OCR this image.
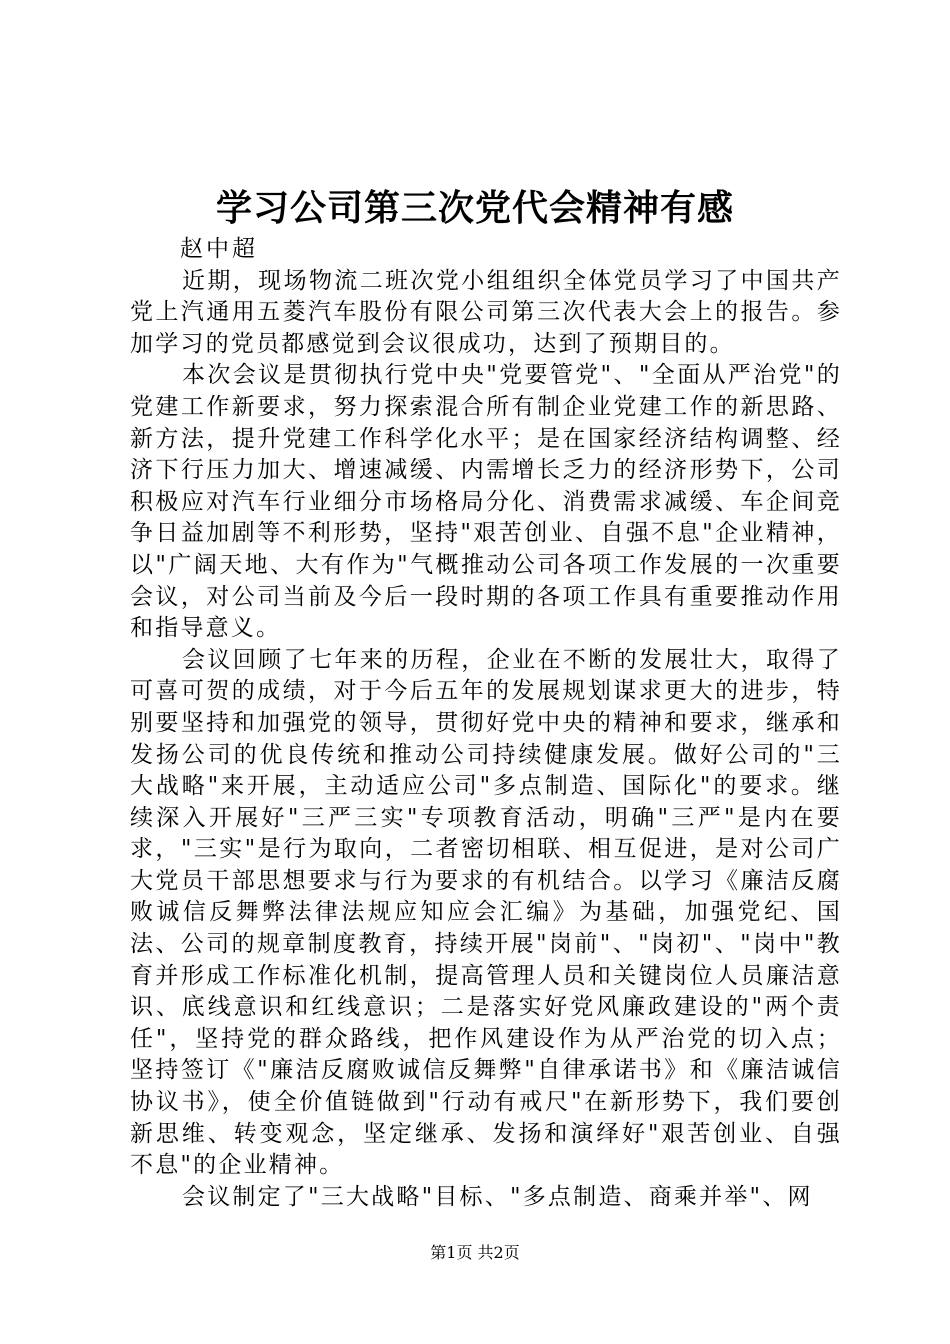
学习公司第三次党代会精神有感

赵中超

近期，现场物流二班次党小组组织全体党员学习了中国共产党上汽通用五菱汽车股份有限公司第三次代表大会上的报告。参加学习的党员都感觉到会议很成功，达到了预期目的。

本次会议是贯彻执行党中央"党要管党"、"全面从严治党"的党建工作新要求，努力探索混合所有制企业党建工作的新思路、新方法，提升党建工作科学化水平；是在国家经济结构调整、经济下行压力加大、增速减缓、内需增长乏力的经济形势下，公司积极应对汽车行业细分市场格局分化、消费需求减缓、车企间竞争日益加剧等不利形势，坚持"艰苦创业、自强不息"企业精神，以"广阔天地、大有作为"气概推动公司各项工作发展的一次重要会议，对公司当前及今后一段时期的各项工作具有重要推动作用和指导意义。

会议回顾了七年来的历程，企业在不断的发展壮大，取得了可喜可贺的成绩，对于今后五年的发展规划谋求更大的进步，特别要坚持和加强党的领导，贯彻好党中央的精神和要求，继承和发扬公司的优良传统和推动公司持续健康发展。做好公司的"三大战略"来开展，主动适应公司"多点制造、国际化"的要求。继续深入开展好"三严三实"专项教育活动，明确"三严"是内在要求，"三实"是行为取向，二者密切相联、相互促进，是对公司广大党员干部思想要求与行为要求的有机结合。以学习《廉洁反腐败诚信反舞弊法律法规应知应会汇编》为基础，加强党纪、国法、公司的规章制度教育，持续开展"岗前"、"岗初"、"岗中"教育并形成工作标准化机制，提高管理人员和关键岗位人员廉洁意识、底线意识和红线意识；二是落实好党风廉政建设的"两个责任"，坚持党的群众路线，把作风建设作为从严治党的切入点；坚持签订《"廉洁反腐败诚信反舞弊"自律承诺书》和《廉洁诚信协议书》，使全价值链做到"行动有戒尺"在新形势下，我们要创新思维、转变观念，坚定继承、发扬和演绎好"艰苦创业、自强不息"的企业精神。

会议制定了"三大战略"目标、"多点制造、商乘并举"、网

第1页 共2页
